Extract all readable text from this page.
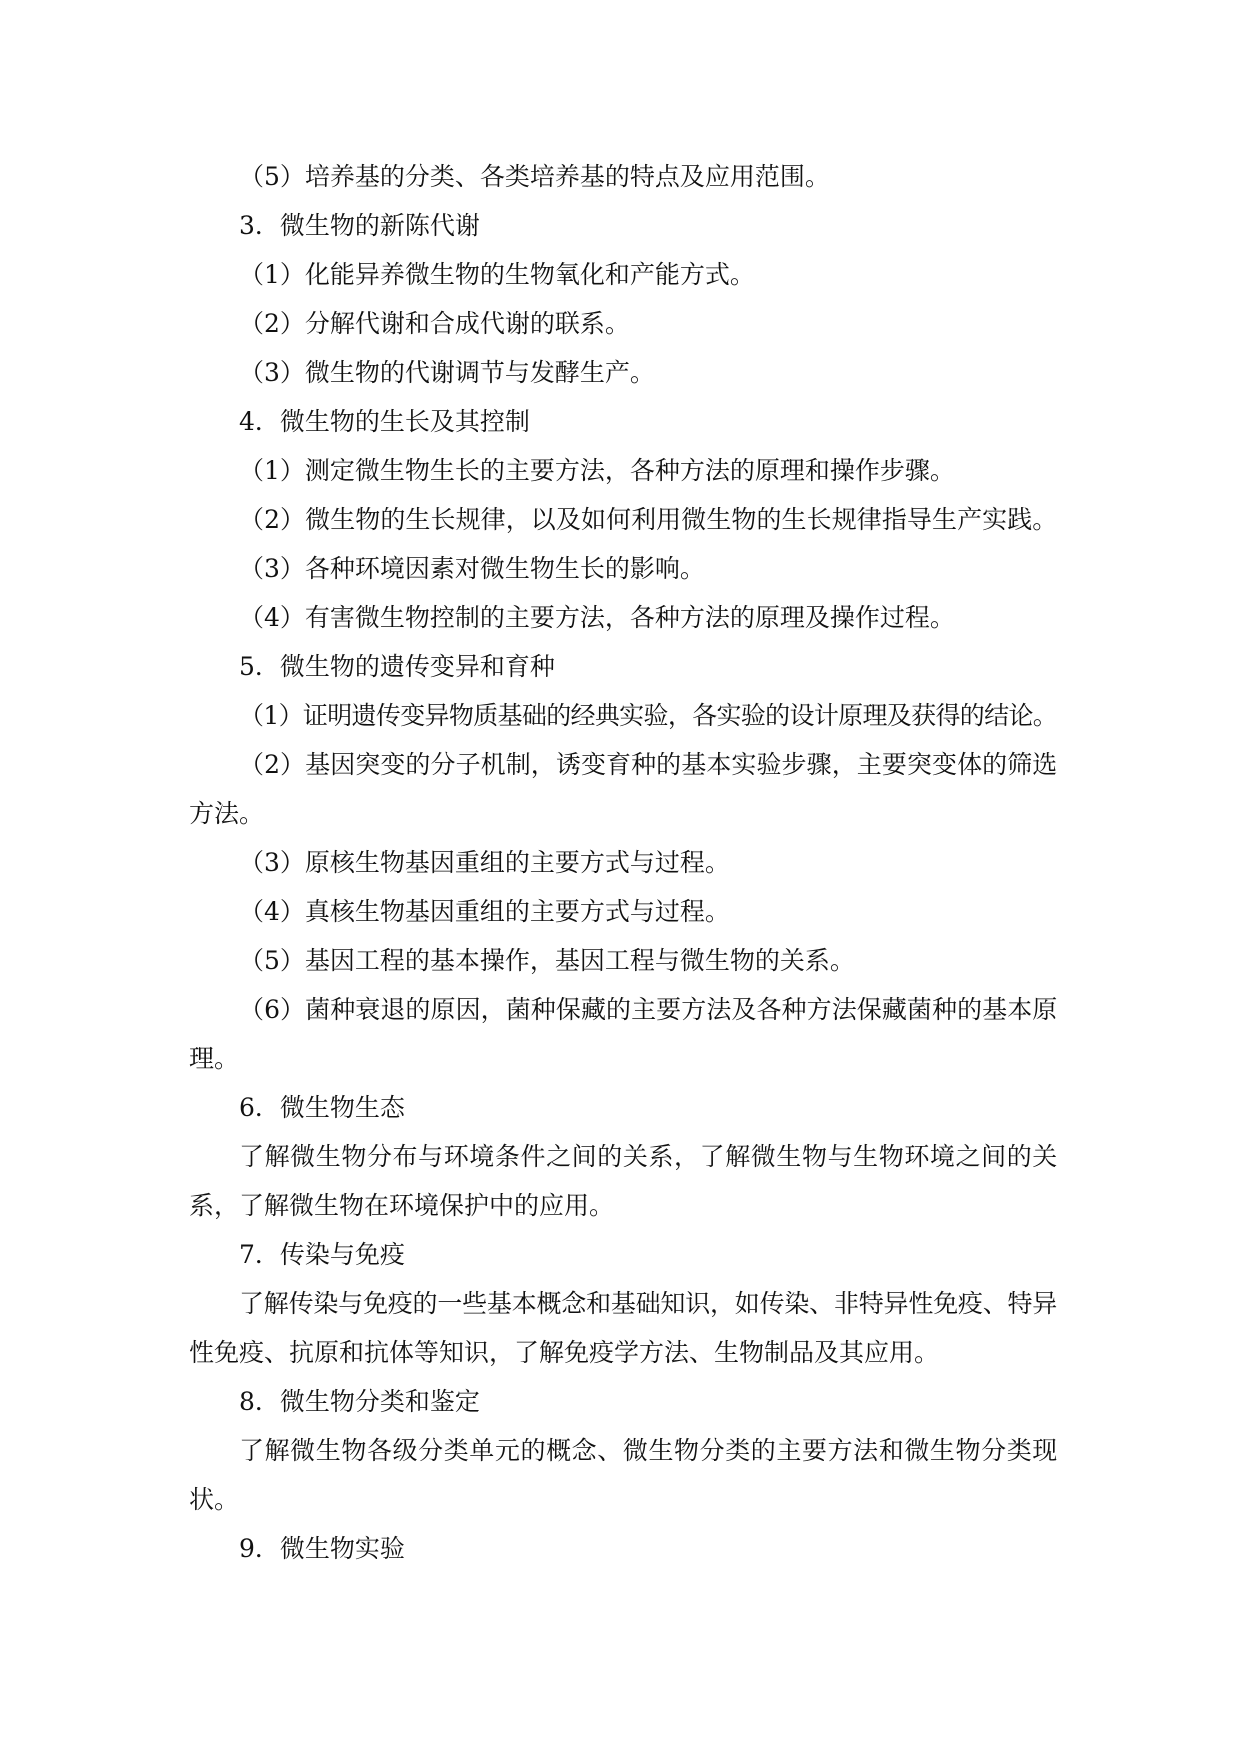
（5）培养基的分类、各类培养基的特点及应用范围。
3．微生物的新陈代谢
（1）化能异养微生物的生物氧化和产能方式。
（2）分解代谢和合成代谢的联系。
（3）微生物的代谢调节与发酵生产。
4．微生物的生长及其控制
（1）测定微生物生长的主要方法，各种方法的原理和操作步骤。
（2）微生物的生长规律，以及如何利用微生物的生长规律指导生产实践。
（3）各种环境因素对微生物生长的影响。
（4）有害微生物控制的主要方法，各种方法的原理及操作过程。
5．微生物的遗传变异和育种
（1）证明遗传变异物质基础的经典实验，各实验的设计原理及获得的结论。
（2）基因突变的分子机制，诱变育种的基本实验步骤，主要突变体的筛选
方法。
（3）原核生物基因重组的主要方式与过程。
（4）真核生物基因重组的主要方式与过程。
（5）基因工程的基本操作，基因工程与微生物的关系。
（6）菌种衰退的原因，菌种保藏的主要方法及各种方法保藏菌种的基本原
理。
6．微生物生态
了解微生物分布与环境条件之间的关系，了解微生物与生物环境之间的关
系，了解微生物在环境保护中的应用。
7．传染与免疫
了解传染与免疫的一些基本概念和基础知识，如传染、非特异性免疫、特异
性免疫、抗原和抗体等知识，了解免疫学方法、生物制品及其应用。
8．微生物分类和鉴定
了解微生物各级分类单元的概念、微生物分类的主要方法和微生物分类现
状。
9．微生物实验
